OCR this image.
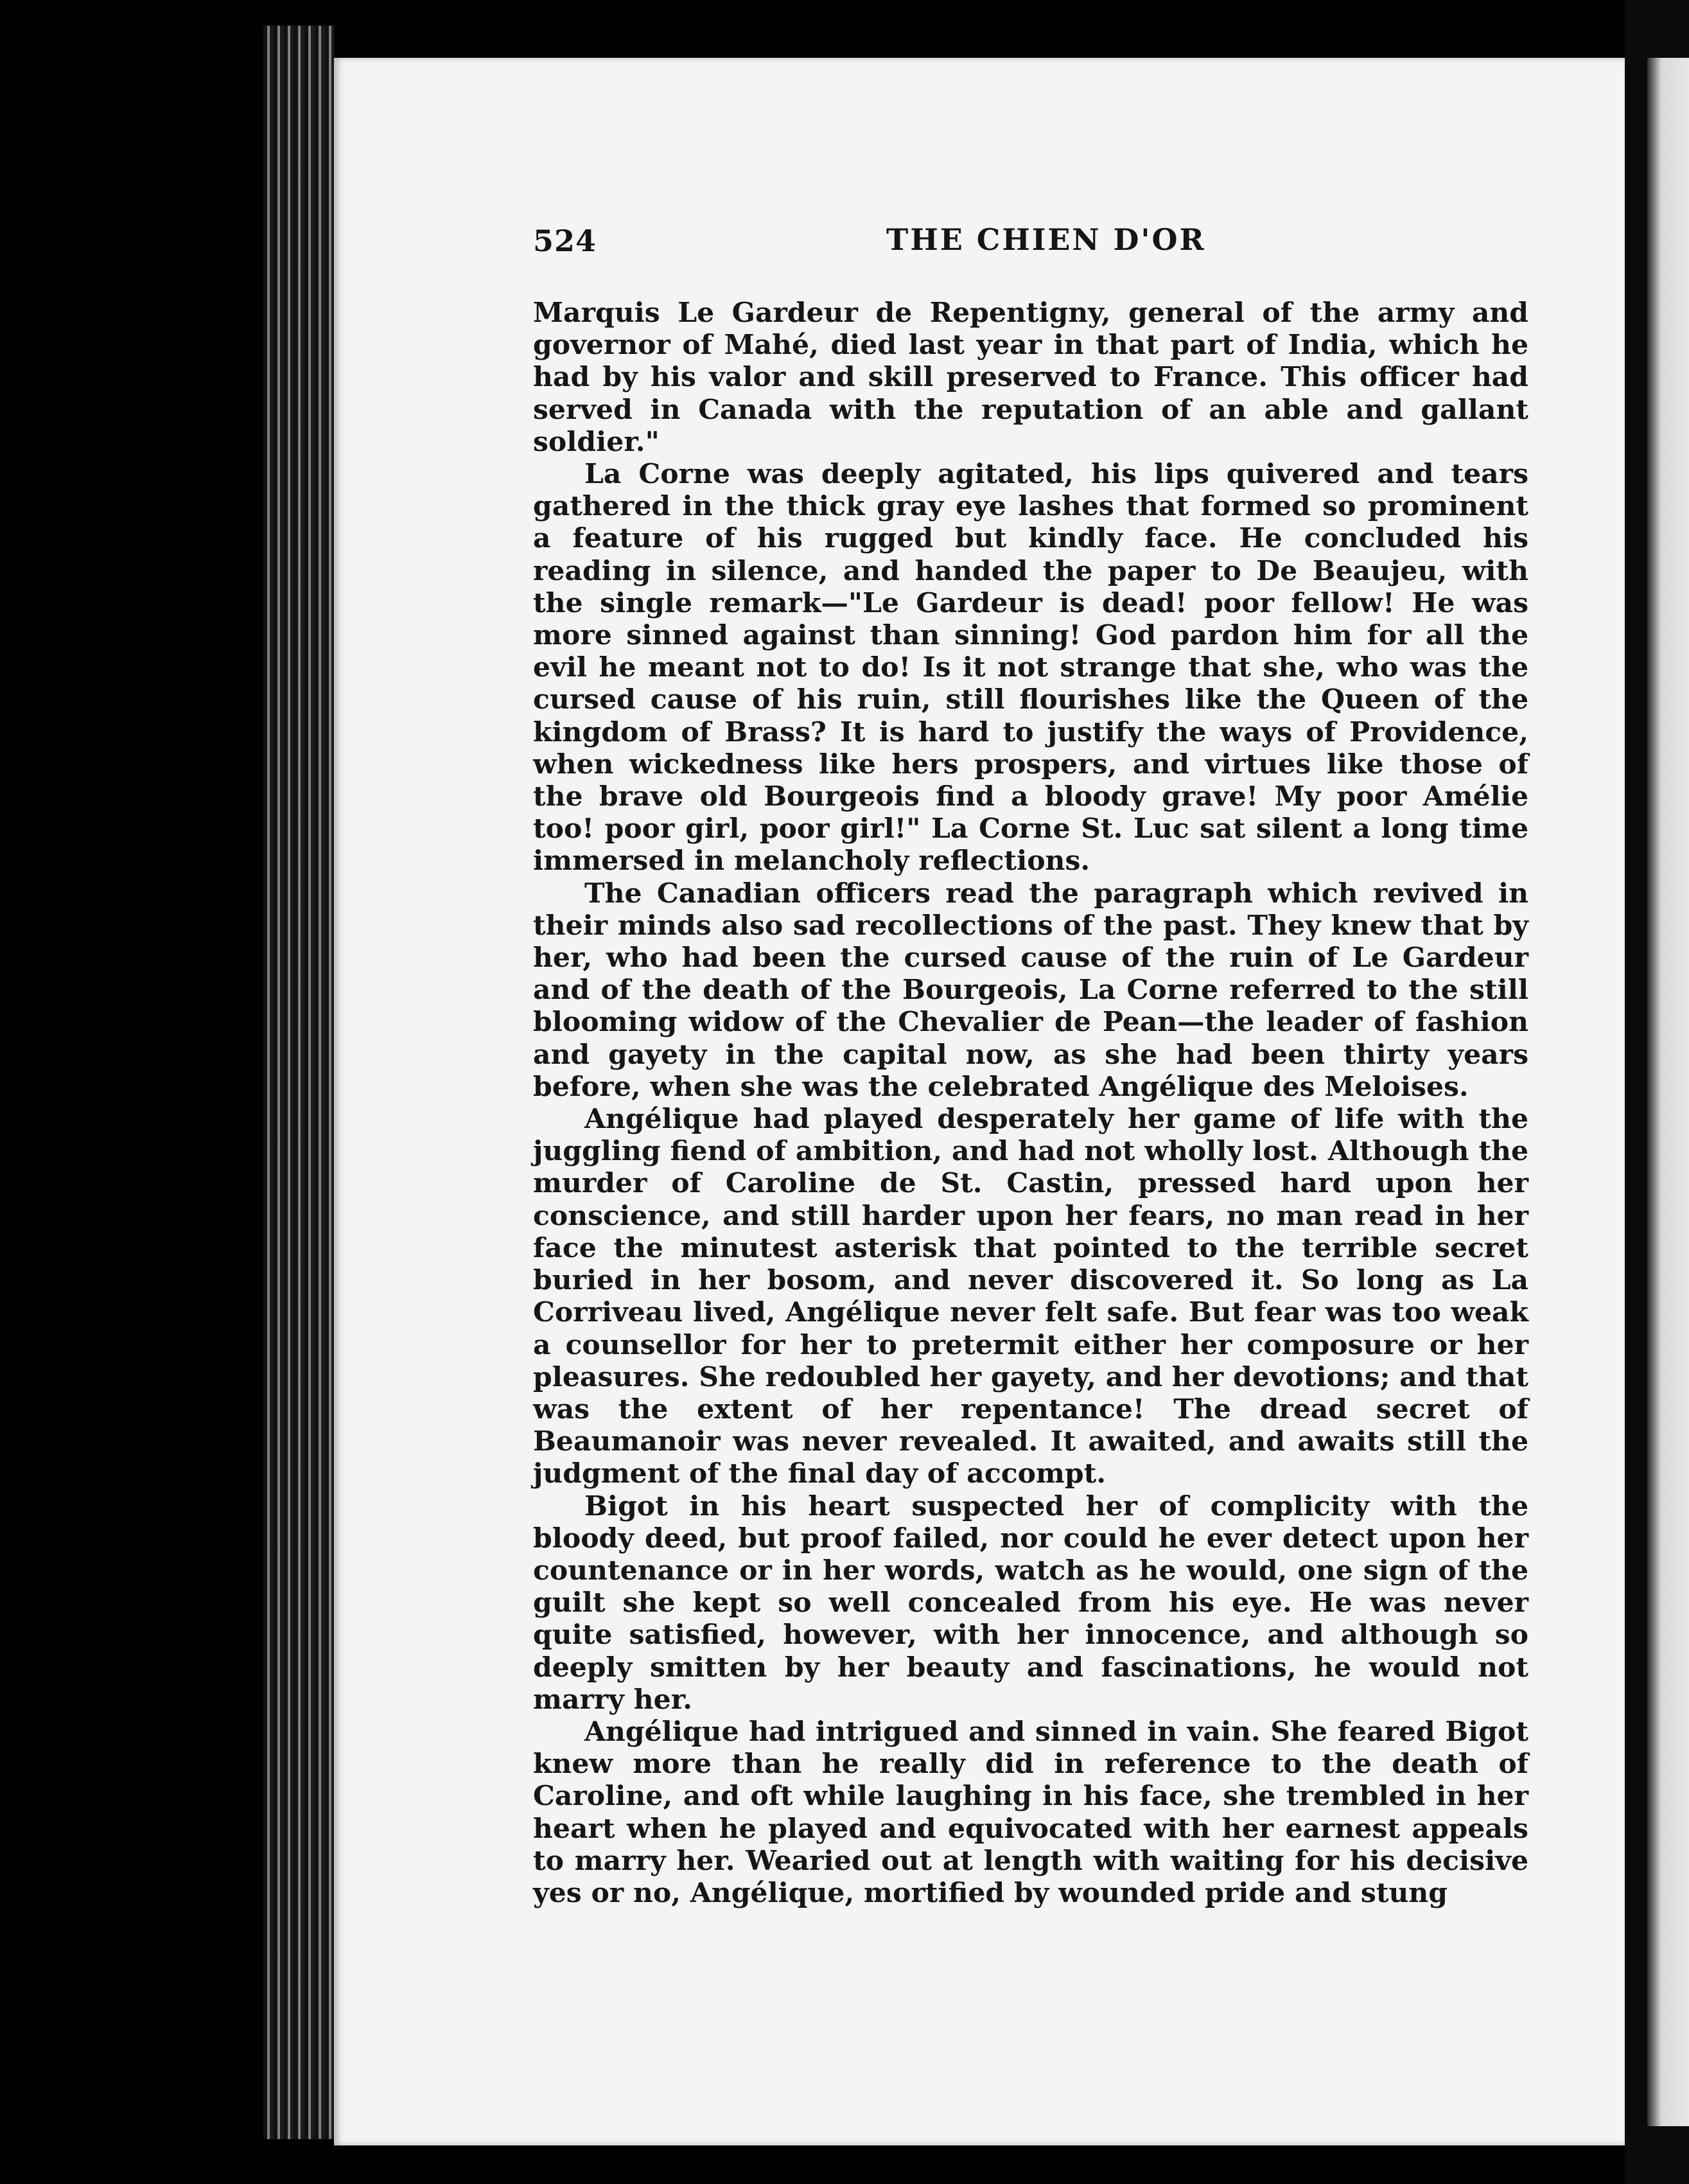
524	THE CHIEN D'OR

Marquis Le Gardeur de Repentigny, general of the army and governor of Mahé, died last year in that part of India, which he had by his valor and skill preserved to France. This officer had served in Canada with the reputation of an able and gallant soldier."

La Corne was deeply agitated, his lips quivered and tears gathered in the thick gray eye lashes that formed so prominent a feature of his rugged but kindly face. He concluded his reading in silence, and handed the paper to De Beaujeu, with the single remark—"Le Gardeur is dead! poor fellow! He was more sinned against than sinning! God pardon him for all the evil he meant not to do! Is it not strange that she, who was the cursed cause of his ruin, still flourishes like the Queen of the kingdom of Brass? It is hard to justify the ways of Providence, when wickedness like hers prospers, and virtues like those of the brave old Bourgeois find a bloody grave! My poor Amélie too! poor girl, poor girl!" La Corne St. Luc sat silent a long time immersed in melancholy reflections.

The Canadian officers read the paragraph which revived in their minds also sad recollections of the past. They knew that by her, who had been the cursed cause of the ruin of Le Gardeur and of the death of the Bourgeois, La Corne referred to the still blooming widow of the Chevalier de Pean—the leader of fashion and gayety in the capital now, as she had been thirty years before, when she was the celebrated Angélique des Meloises.

Angélique had played desperately her game of life with the juggling fiend of ambition, and had not wholly lost. Although the murder of Caroline de St. Castin, pressed hard upon her conscience, and still harder upon her fears, no man read in her face the minutest asterisk that pointed to the terrible secret buried in her bosom, and never discovered it. So long as La Corriveau lived, Angélique never felt safe. But fear was too weak a counsellor for her to pretermit either her composure or her pleasures. She redoubled her gayety, and her devotions; and that was the extent of her repentance! The dread secret of Beaumanoir was never revealed. It awaited, and awaits still the judgment of the final day of accompt.

Bigot in his heart suspected her of complicity with the bloody deed, but proof failed, nor could he ever detect upon her countenance or in her words, watch as he would, one sign of the guilt she kept so well concealed from his eye. He was never quite satisfied, however, with her innocence, and although so deeply smitten by her beauty and fascinations, he would not marry her.

Angélique had intrigued and sinned in vain. She feared Bigot knew more than he really did in reference to the death of Caroline, and oft while laughing in his face, she trembled in her heart when he played and equivocated with her earnest appeals to marry her. Wearied out at length with waiting for his decisive yes or no, Angélique, mortified by wounded pride and stung
